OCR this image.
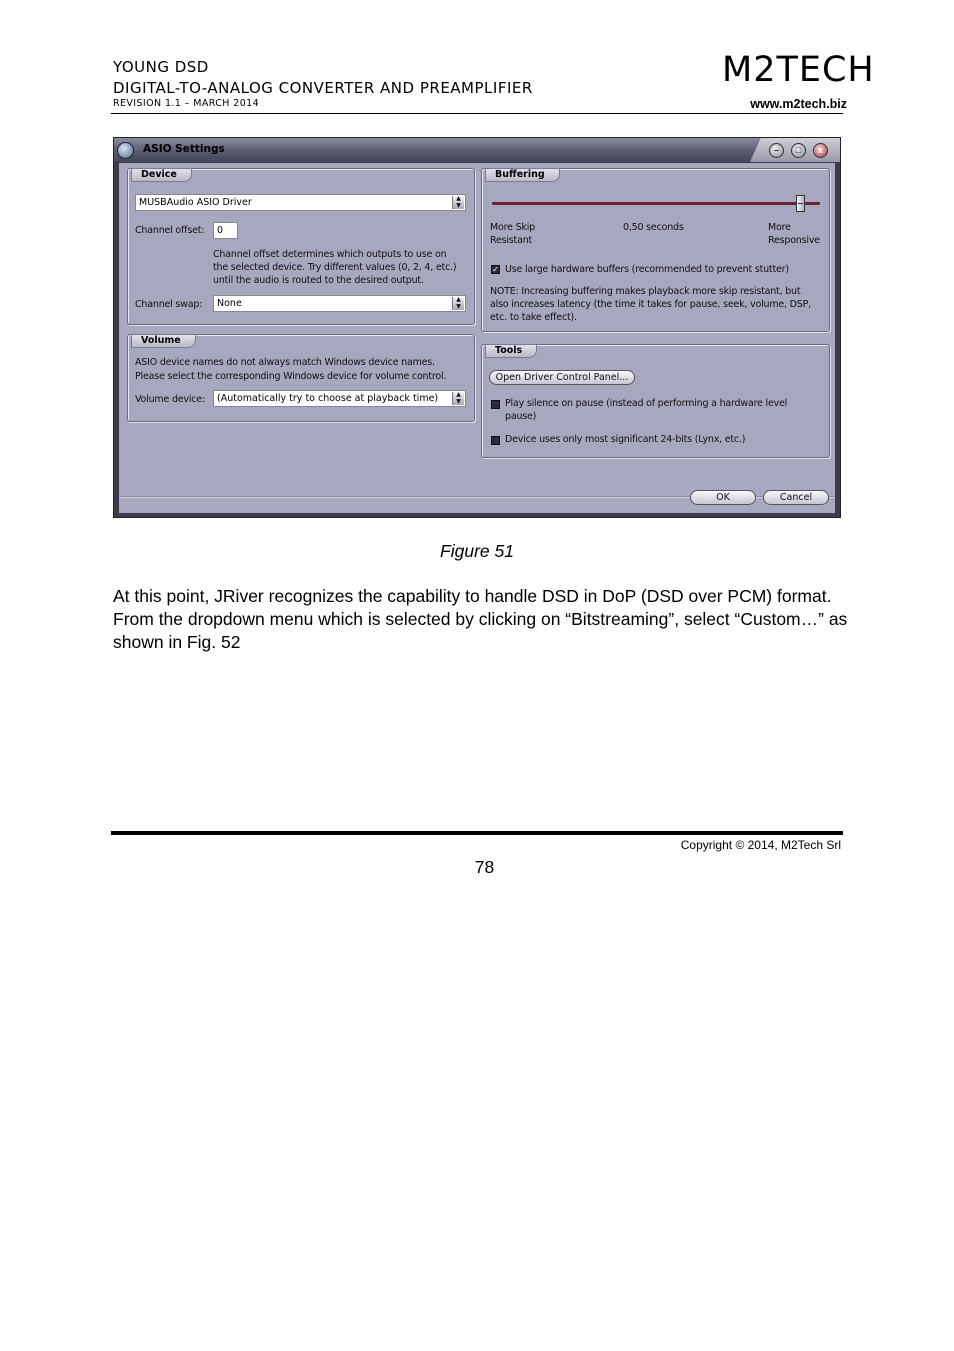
YOUNG DSD
DIGITAL-TO-ANALOG CONVERTER AND PREAMPLIFIER
REVISION 1.1 – MARCH 2014
M2TECH
www.m2tech.biz
ASIO Settings	–	□	x
Device
MUSBAudio ASIO Driver	▲
▼
Channel offset:	0
Channel offset determines which outputs to use on
the selected device. Try different values (0, 2, 4, etc.)
until the audio is routed to the desired output.
Channel swap:	None	▲
▼
Volume
ASIO device names do not always match Windows device names.
Please select the corresponding Windows device for volume control.
Volume device:	(Automatically try to choose at playback time)	▲
▼
Buffering
More Skip
Resistant
0,50 seconds	More
Responsive
✓ Use large hardware buffers (recommended to prevent stutter)
NOTE: Increasing buffering makes playback more skip resistant, but
also increases latency (the time it takes for pause, seek, volume, DSP,
etc. to take effect).
Tools
Open Driver Control Panel...
Play silence on pause (instead of performing a hardware level
pause)
Device uses only most significant 24-bits (Lynx, etc.)
OK	Cancel
Figure 51
At this point, JRiver recognizes the capability to handle DSD in DoP (DSD over PCM) format. From the dropdown menu which is selected by clicking on “Bitstreaming”, select “Custom…” as shown in Fig. 52
Copyright © 2014, M2Tech Srl
78
